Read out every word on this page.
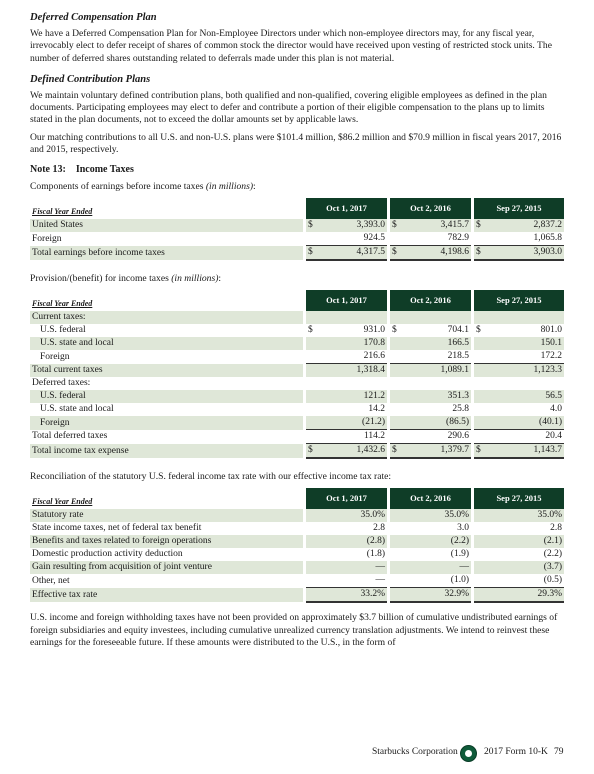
Deferred Compensation Plan

We have a Deferred Compensation Plan for Non-Employee Directors under which non-employee directors may, for any fiscal year, irrevocably elect to defer receipt of shares of common stock the director would have received upon vesting of restricted stock units. The number of deferred shares outstanding related to deferrals made under this plan is not material.

Defined Contribution Plans

We maintain voluntary defined contribution plans, both qualified and non-qualified, covering eligible employees as defined in the plan documents. Participating employees may elect to defer and contribute a portion of their eligible compensation to the plans up to limits stated in the plan documents, not to exceed the dollar amounts set by applicable laws.

Our matching contributions to all U.S. and non-U.S. plans were $101.4 million, $86.2 million and $70.9 million in fiscal years 2017, 2016 and 2015, respectively.

Note 13: Income Taxes
Components of earnings before income taxes (in millions):
Fiscal Year Ended		Oct 1, 2017			Oct 2, 2016			Sep 27, 2015	
United States		$	3,393.0		$	3,415.7		$	2,837.2
Foreign			924.5			782.9			1,065.8
Total earnings before income taxes		$	4,317.5		$	4,198.6		$	3,903.0
Provision/(benefit) for income taxes (in millions):
Fiscal Year Ended		Oct 1, 2017			Oct 2, 2016			Sep 27, 2015	
Current taxes:									
U.S. federal		$	931.0		$	704.1		$	801.0
U.S. state and local			170.8			166.5			150.1
Foreign			216.6			218.5			172.2
Total current taxes			1,318.4			1,089.1			1,123.3
Deferred taxes:									
U.S. federal			121.2			351.3			56.5
U.S. state and local			14.2			25.8			4.0
Foreign			(21.2)			(86.5)			(40.1)
Total deferred taxes			114.2			290.6			20.4
Total income tax expense		$	1,432.6		$	1,379.7		$	1,143.7
Reconciliation of the statutory U.S. federal income tax rate with our effective income tax rate:
Fiscal Year Ended		Oct 1, 2017			Oct 2, 2016			Sep 27, 2015	
Statutory rate			35.0%			35.0%			35.0%
State income taxes, net of federal tax benefit			2.8			3.0			2.8
Benefits and taxes related to foreign operations			(2.8)			(2.2)			(2.1)
Domestic production activity deduction			(1.8)			(1.9)			(2.2)
Gain resulting from acquisition of joint venture			—			—			(3.7)
Other, net			—			(1.0)			(0.5)
Effective tax rate			33.2%			32.9%			29.3%

U.S. income and foreign withholding taxes have not been provided on approximately $3.7 billion of cumulative undistributed earnings of foreign subsidiaries and equity investees, including cumulative unrealized currency translation adjustments. We intend to reinvest these earnings for the foreseeable future. If these amounts were distributed to the U.S., in the form of

Starbucks Corporation	2017 Form 10-K 79
